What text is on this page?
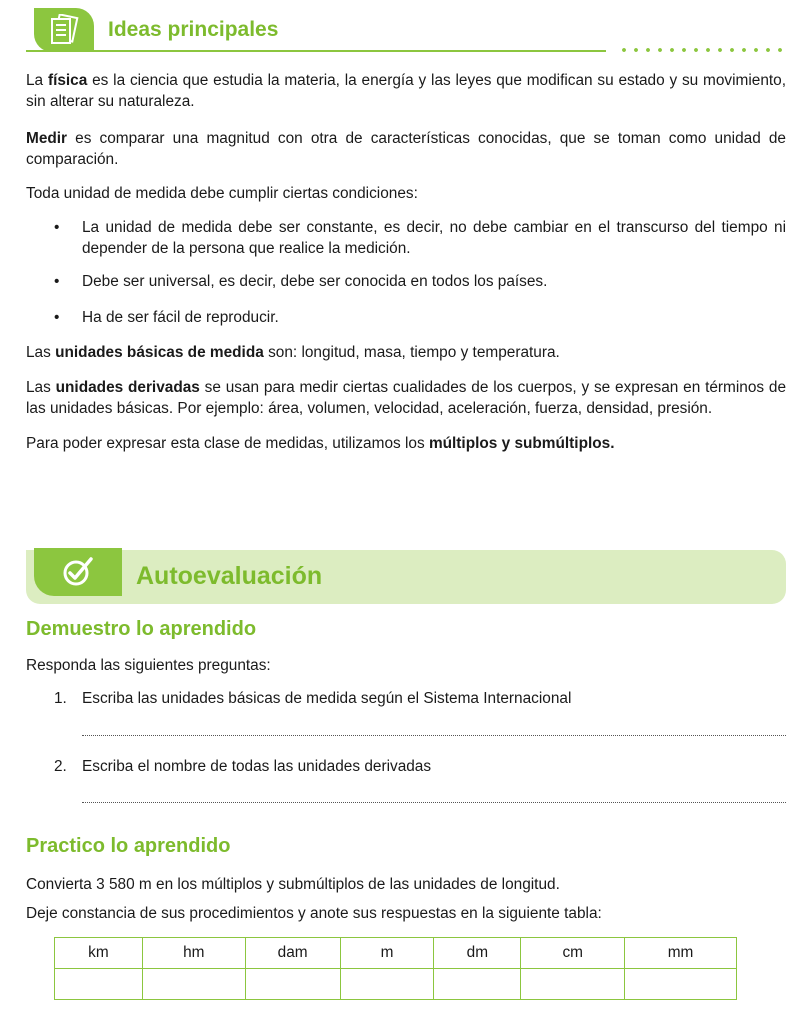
Ideas principales

La física es la ciencia que estudia la materia, la energía y las leyes que modifican su estado y su movimiento, sin alterar su naturaleza.

Medir es comparar una magnitud con otra de características conocidas, que se toman como unidad de comparación.

Toda unidad de medida debe cumplir ciertas condiciones:

• La unidad de medida debe ser constante, es decir, no debe cambiar en el transcurso del tiempo ni depender de la persona que realice la medición.
• Debe ser universal, es decir, debe ser conocida en todos los países.
• Ha de ser fácil de reproducir.

Las unidades básicas de medida son: longitud, masa, tiempo y temperatura.

Las unidades derivadas se usan para medir ciertas cualidades de los cuerpos, y se expresan en términos de las unidades básicas. Por ejemplo: área, volumen, velocidad, aceleración, fuerza, densidad, presión.

Para poder expresar esta clase de medidas, utilizamos los múltiplos y submúltiplos.

Autoevaluación
Demuestro lo aprendido

Responda las siguientes preguntas:

1. Escriba las unidades básicas de medida según el Sistema Internacional
2. Escriba el nombre de todas las unidades derivadas
Practico lo aprendido

Convierta 3 580 m en los múltiplos y submúltiplos de las unidades de longitud.

Deje constancia de sus procedimientos y anote sus respuestas en la siguiente tabla:

km	hm	dam	m	dm	cm	mm
